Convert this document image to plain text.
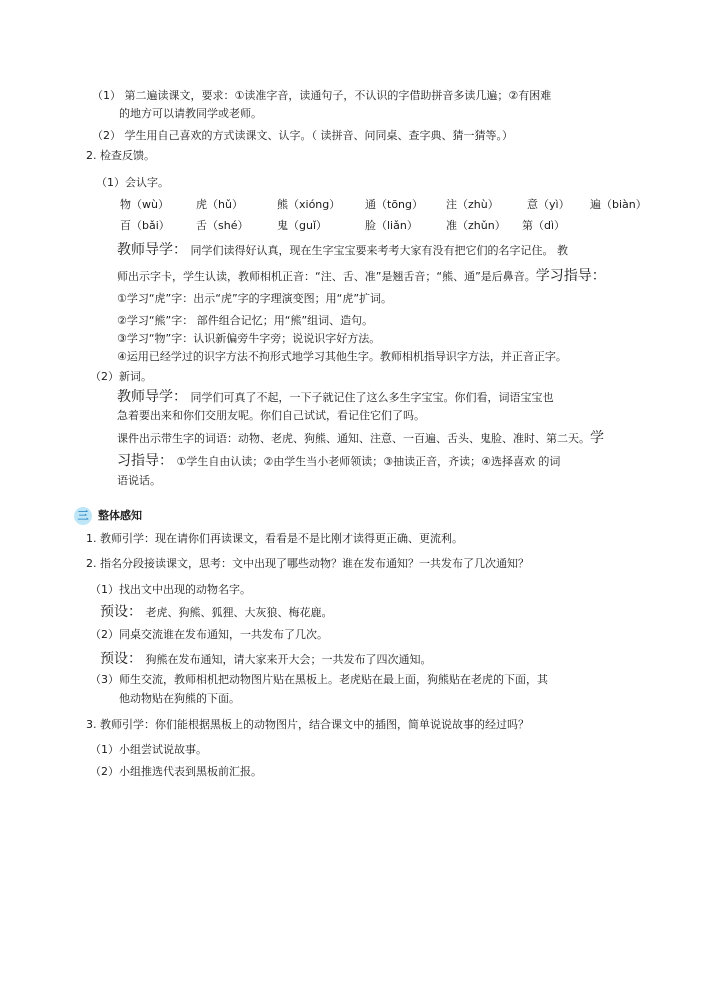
（1） 第二遍读课文，要求：①读准字音，读通句子，不认识的字借助拼音多读几遍；②有困难
的地方可以请教同学或老师。
（2） 学生用自己喜欢的方式读课文、认字。（ 读拼音、问同桌、查字典、猜一猜等。）
2. 检查反馈。
（1）会认字。
物（wù） 虎（hǔ）	熊（xióng） 通（tōng） 注（zhù）	意（yì） 遍（biàn）
百（bǎi） 舌（shé）	鬼（guǐ）	脸（liǎn）	准（zhǔn） 第（dì）
教师导学： 同学们读得好认真，现在生字宝宝要来考考大家有没有把它们的名字记住。 教
师出示字卡，学生认读，教师相机正音：“注、舌、准”是翘舌音；“熊、通”是后鼻音。学习指导：
①学习“虎”字：出示“虎”字的字理演变图；用“虎”扩词。
②学习“熊”字： 部件组合记忆；用“熊”组词、造句。
③学习“物”字：认识新偏旁牛字旁；说说识字好方法。
④运用已经学过的识字方法不拘形式地学习其他生字。教师相机指导识字方法，并正音正字。
（2）新词。
教师导学： 同学们可真了不起，一下子就记住了这么多生字宝宝。你们看，词语宝宝也
急着要出来和你们交朋友呢。你们自己试试，看记住它们了吗。
课件出示带生字的词语：动物、老虎、狗熊、通知、注意、一百遍、舌头、鬼脸、准时、第二天。学
习指导： ①学生自由认读；②由学生当小老师领读；③抽读正音，齐读；④选择喜欢 的词
语说话。
三 整体感知
1. 教师引学：现在请你们再读课文，看看是不是比刚才读得更正确、更流利。
2. 指名分段接读课文，思考：文中出现了哪些动物？谁在发布通知？一共发布了几次通知？
（1）找出文中出现的动物名字。
预设： 老虎、狗熊、狐狸、大灰狼、梅花鹿。
（2）同桌交流谁在发布通知，一共发布了几次。
预设： 狗熊在发布通知，请大家来开大会；一共发布了四次通知。
（3）师生交流，教师相机把动物图片贴在黑板上。老虎贴在最上面，狗熊贴在老虎的下面，其
他动物贴在狗熊的下面。
3. 教师引学：你们能根据黑板上的动物图片，结合课文中的插图，简单说说故事的经过吗？
（1）小组尝试说故事。
（2）小组推选代表到黑板前汇报。
